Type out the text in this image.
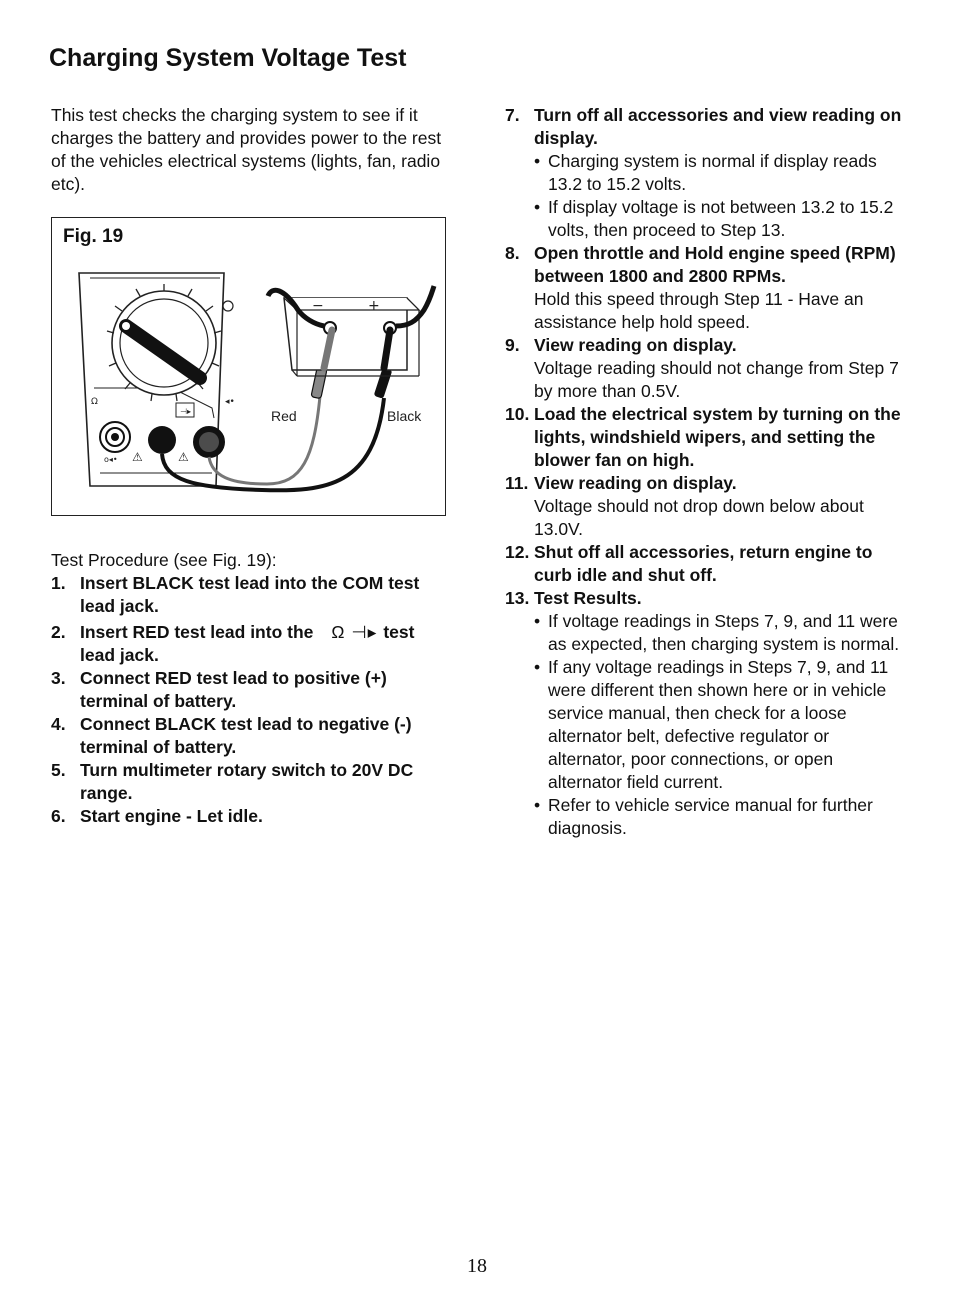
Charging System Voltage Test
This test checks the charging system to see if it charges the battery and provides power to the rest of the vehicles electrical systems (lights, fan, radio etc).
Ω	◂•
⊣▸
o◂• ⚠	⚠
−	+
Red	Black
Fig. 19
Test Procedure (see Fig. 19):
1. Insert BLACK test lead into the COM test lead jack.
2. Insert RED test lead into the Ω ⊣▸ test lead jack.
3. Connect RED test lead to positive (+) terminal of battery.
4. Connect BLACK test lead to negative (-) terminal of battery.
5. Turn multimeter rotary switch to 20V DC range.
6. Start engine - Let idle.
7. Turn off all accessories and view reading on display.
• Charging system is normal if display reads 13.2 to 15.2 volts.
• If display voltage is not between 13.2 to 15.2 volts, then proceed to Step 13.
8. Open throttle and Hold engine speed (RPM) between 1800 and 2800 RPMs.
Hold this speed through Step 11 - Have an assistance help hold speed.
9. View reading on display.
Voltage reading should not change from Step 7 by more than 0.5V.
10. Load the electrical system by turning on the lights, windshield wipers, and setting the blower fan on high.
11. View reading on display.
Voltage should not drop down below about 13.0V.
12. Shut off all accessories, return engine to curb idle and shut off.
13. Test Results.
• If voltage readings in Steps 7, 9, and 11 were as expected, then charging system is normal.
• If any voltage readings in Steps 7, 9, and 11 were different then shown here or in vehicle service manual, then check for a loose alternator belt, defective regulator or alternator, poor connections, or open alternator field current.
• Refer to vehicle service manual for further diagnosis.
18
